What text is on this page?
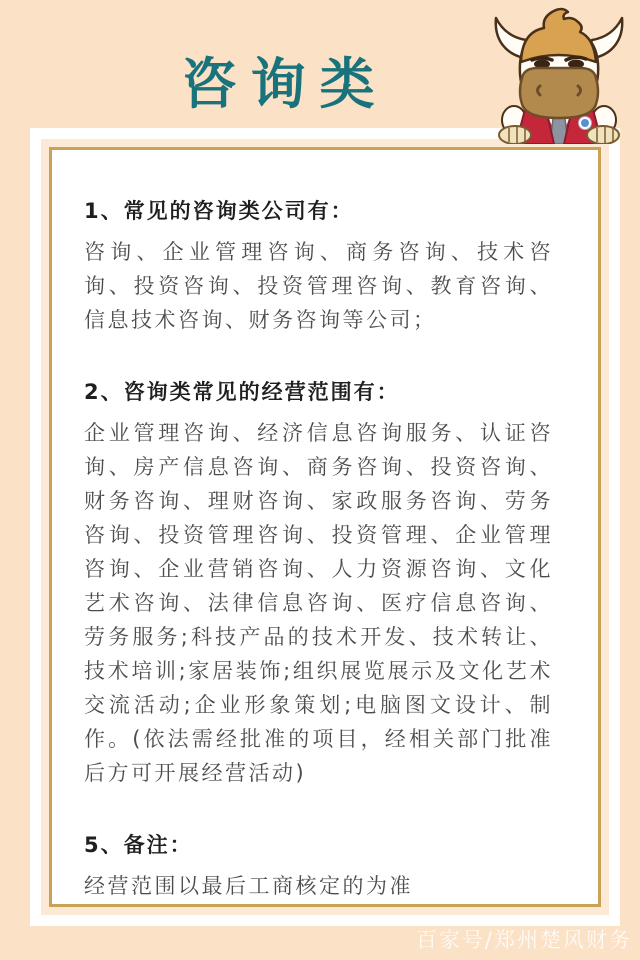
咨询类
1、常见的咨询类公司有：
咨询、企业管理咨询、商务咨询、技术咨询、投资咨询、投资管理咨询、教育咨询、信息技术咨询、财务咨询等公司；
2、咨询类常见的经营范围有：
企业管理咨询、经济信息咨询服务、认证咨询、房产信息咨询、商务咨询、投资咨询、财务咨询、理财咨询、家政服务咨询、劳务咨询、投资管理咨询、投资管理、企业管理咨询、企业营销咨询、人力资源咨询、文化艺术咨询、法律信息咨询、医疗信息咨询、劳务服务;科技产品的技术开发、技术转让、技术培训;家居装饰;组织展览展示及文化艺术交流活动;企业形象策划;电脑图文设计、制作。(依法需经批准的项目，经相关部门批准后方可开展经营活动)
5、备注：
经营范围以最后工商核定的为准
百家号/郑州楚风财务
